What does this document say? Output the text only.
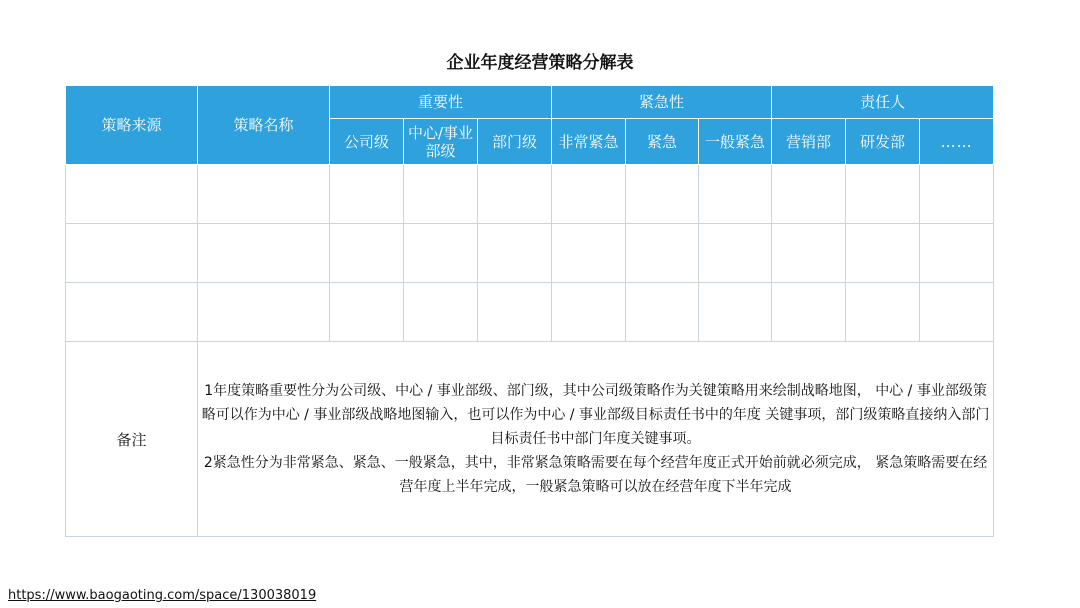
企业年度经营策略分解表
策略来源	策略名称	重要性			紧急性			责任人		
		公司级	中心/事业部级	部门级	非常紧急	紧急	一般紧急	营销部	研发部	……

备注	1年度策略重要性分为公司级、中心 / 事业部级、部门级，其中公司级策略作为关键策略用来绘制战略地图， 中心 / 事业部级策略可以作为中心 / 事业部级战略地图输入，也可以作为中心 / 事业部级目标责任书中的年度 关键事项，部门级策略直接纳入部门目标责任书中部门年度关键事项。

2紧急性分为非常紧急、紧急、一般紧急，其中，非常紧急策略需要在每个经营年度正式开始前就必须完成， 紧急策略需要在经营年度上半年完成，一般紧急策略可以放在经营年度下半年完成									

https://www.baogaoting.com/space/130038019
